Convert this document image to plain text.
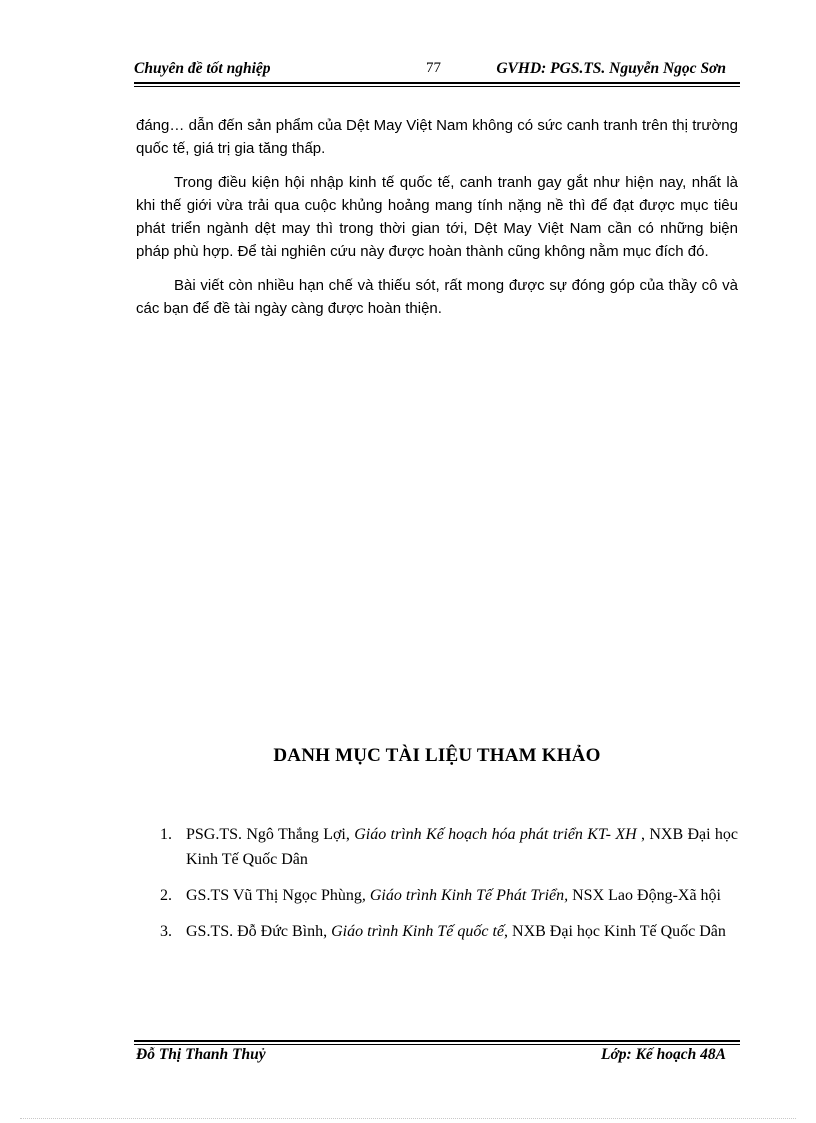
Chuyên đề tốt nghiệp	77	GVHD: PGS.TS. Nguyễn Ngọc Sơn

đáng… dẫn đến sản phẩm của Dệt May Việt Nam không có sức canh tranh trên thị trường quốc tế, giá trị gia tăng thấp.

Trong điều kiện hội nhập kinh tế quốc tế, canh tranh gay gắt như hiện nay, nhất là khi thế giới vừa trải qua cuộc khủng hoảng mang tính nặng nề thì để đạt được mục tiêu phát triển ngành dệt may thì trong thời gian tới, Dệt May Việt Nam cần có những biện pháp phù hợp. Để tài nghiên cứu này được hoàn thành cũng không nằm mục đích đó.

Bài viết còn nhiều hạn chế và thiếu sót, rất mong được sự đóng góp của thầy cô và các bạn để đề tài ngày càng được hoàn thiện.

DANH MỤC TÀI LIỆU THAM KHẢO
1. PSG.TS. Ngô Thắng Lợi, Giáo trình Kế hoạch hóa phát triển KT- XH , NXB Đại học Kinh Tế Quốc Dân
2. GS.TS Vũ Thị Ngọc Phùng, Giáo trình Kinh Tế Phát Triển, NSX Lao Động-Xã hội
3. GS.TS. Đỗ Đức Bình, Giáo trình Kinh Tế quốc tế, NXB Đại học Kinh Tế Quốc Dân
Đỗ Thị Thanh Thuỷ	Lớp: Kế hoạch 48A
